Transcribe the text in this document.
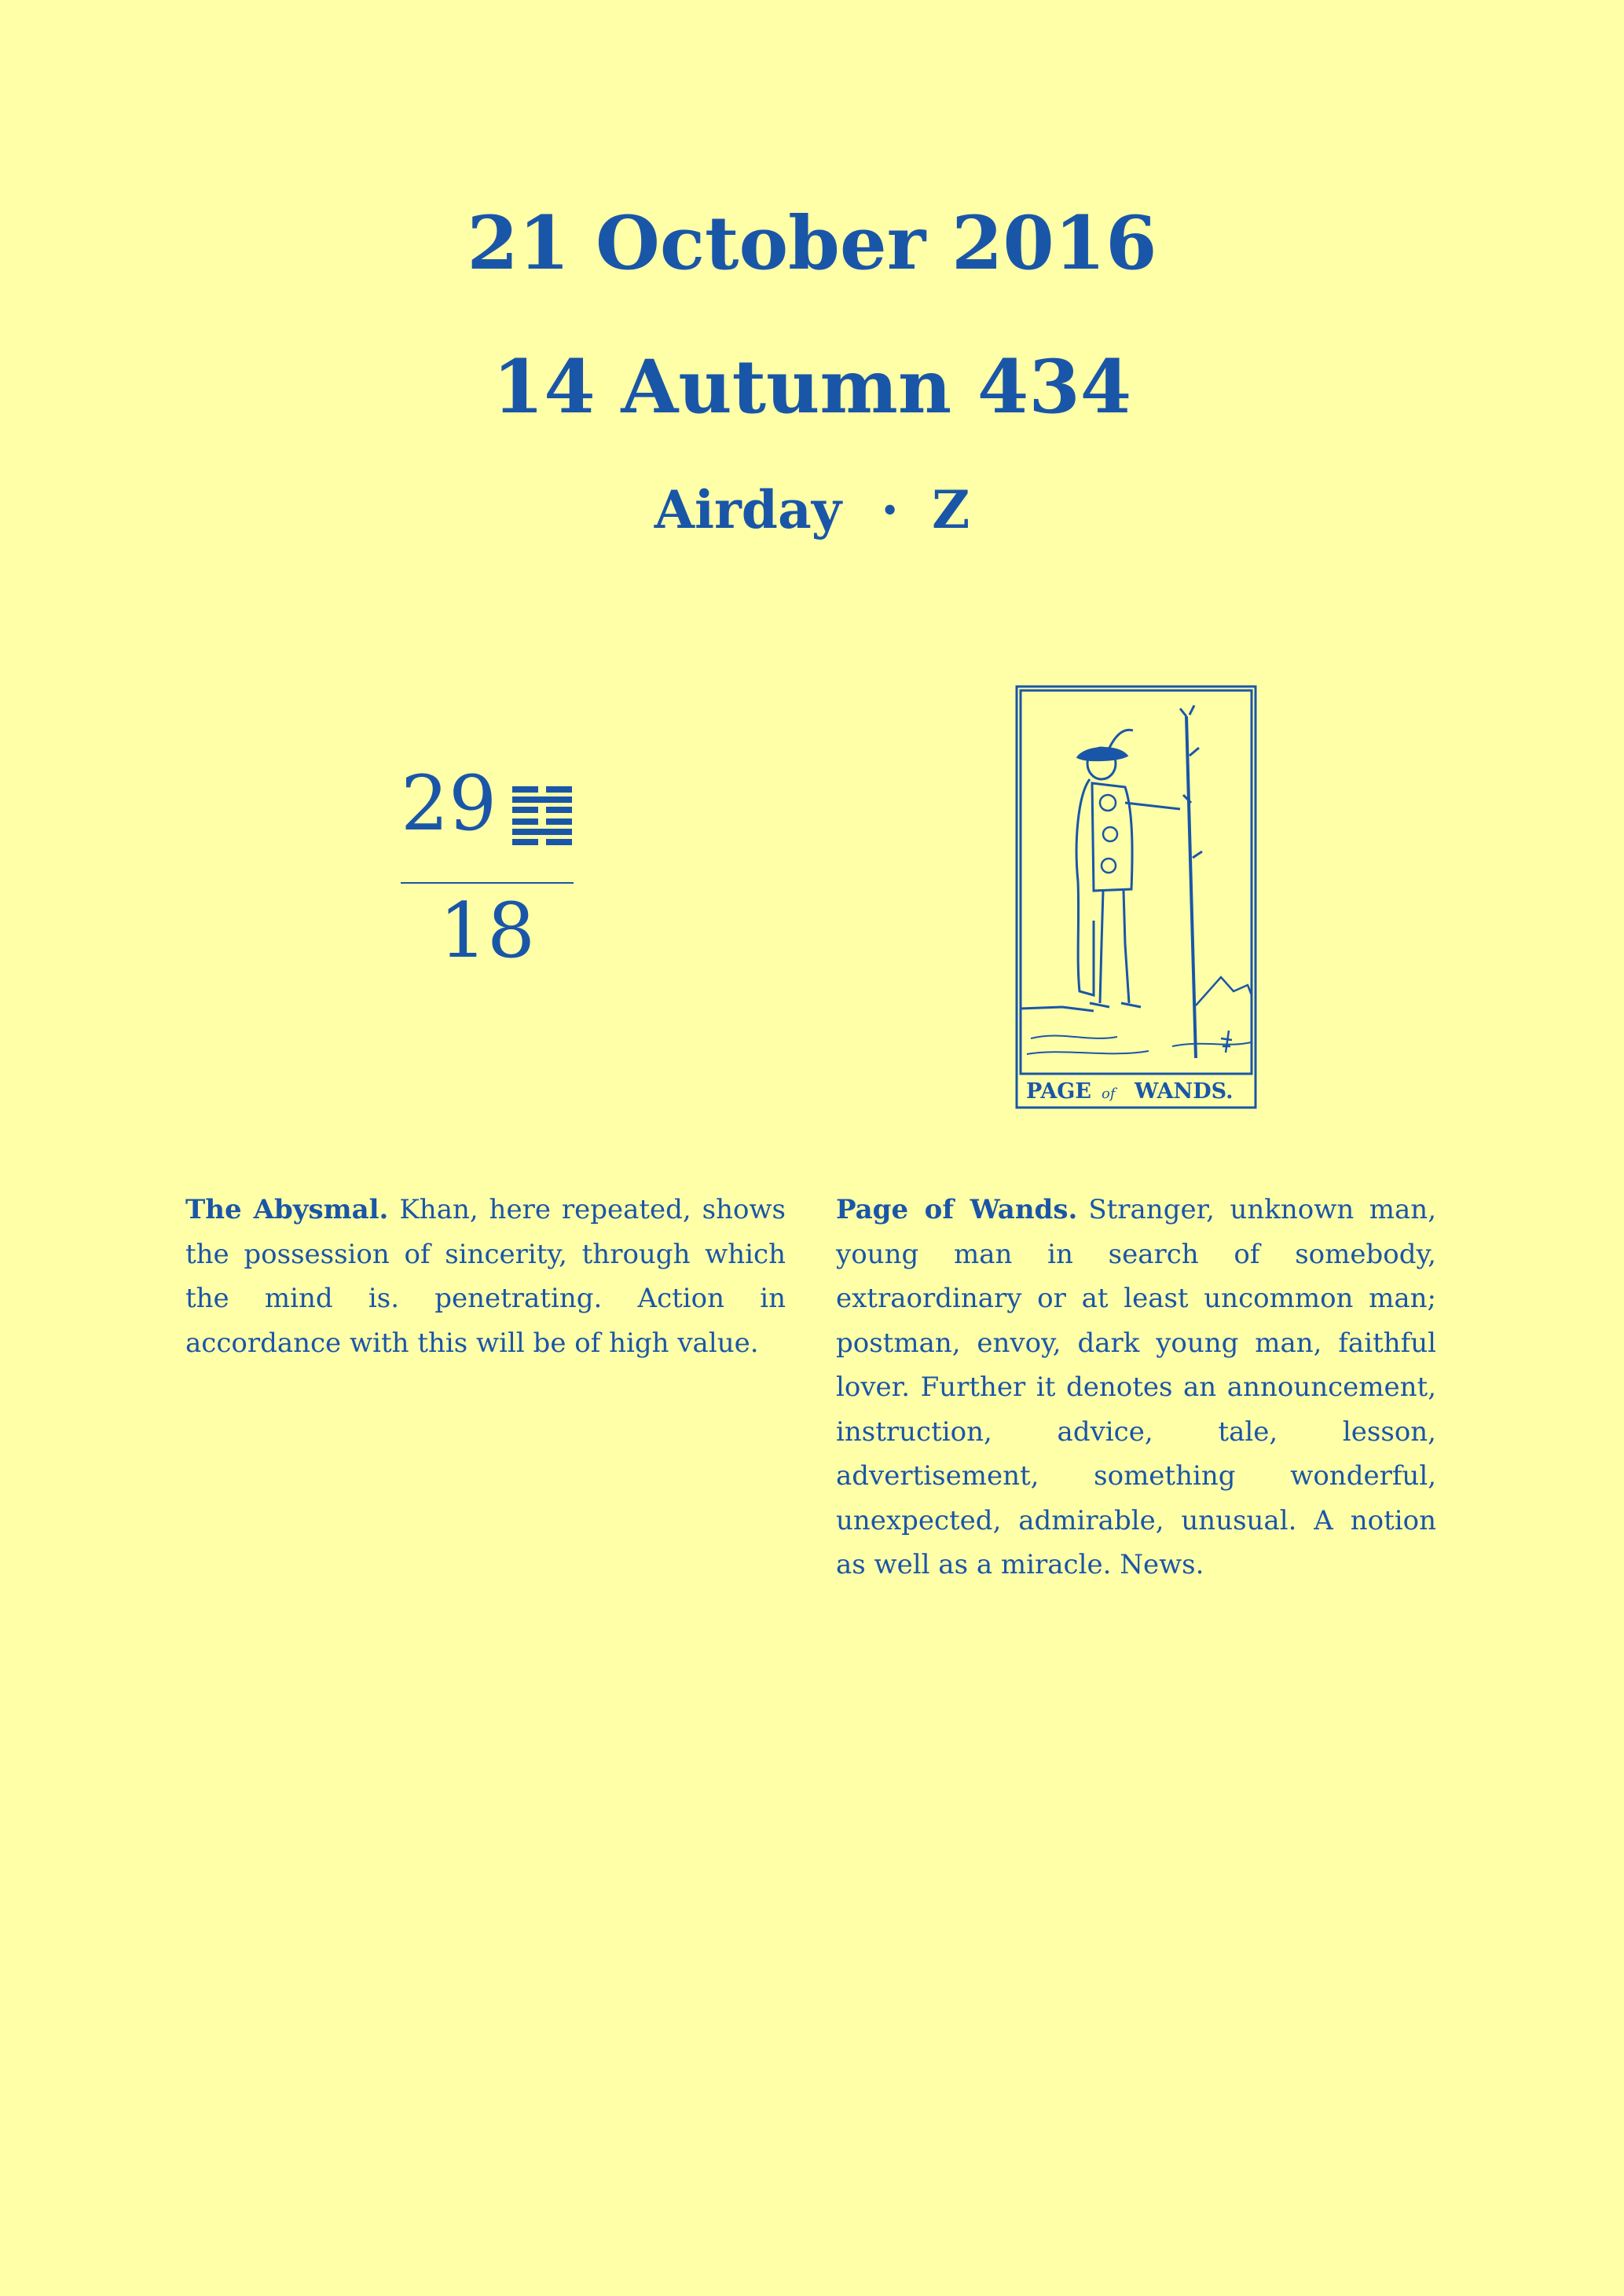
21 October 2016
14 Autumn 434
Airday · Z
29
18
PAGE of WANDS.

The Abysmal. Khan, here repeated, shows the possession of sincerity, through which the mind is. penetrating. Action in accordance with this will be of high value.

Page of Wands. Stranger, unknown man, young man in search of somebody, extraordinary or at least uncommon man; postman, envoy, dark young man, faithful lover. Further it denotes an announcement, instruction, advice, tale, lesson, advertisement, something wonderful, unexpected, admirable, unusual. A notion as well as a miracle. News.
